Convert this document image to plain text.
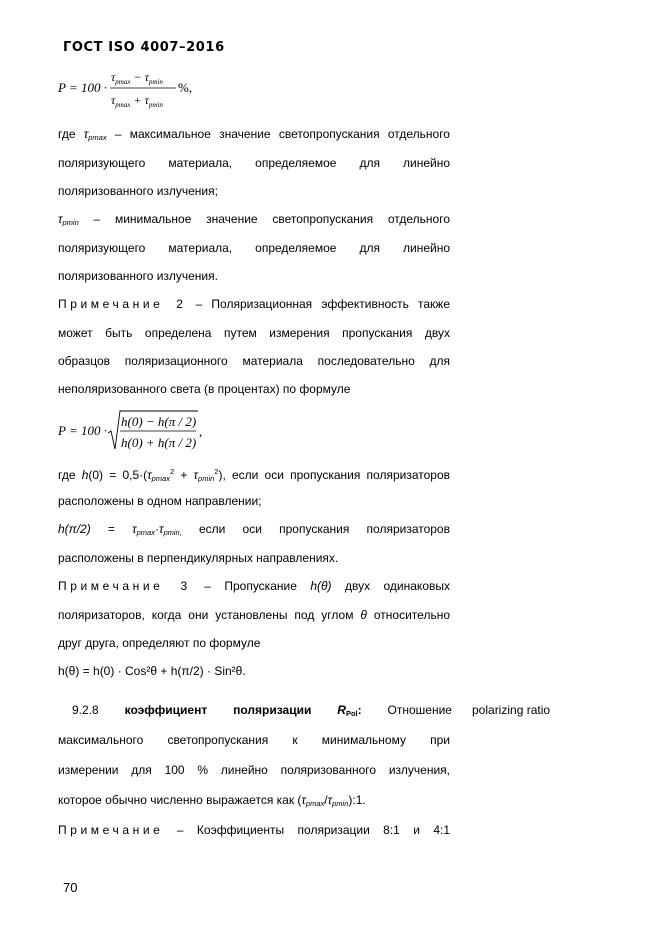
ГОСТ ISO 4007–2016
P = 100 ·
$\tau_{pmax} - \tau_{pmin}$
$\tau_{pmax} + \tau_{pmin}$
%,
где $\tau_{pmax}$ – максимальное значение светопропускания отдельного
поляризующего материала, определяемое для линейно
поляризованного излучения;
$\tau_{pmin}$ – минимальное значение светопропускания отдельного
поляризующего материала, определяемое для линейно
поляризованного излучения.
Примечание 2 – Поляризационная эффективность также
может быть определена путем измерения пропускания двух
образцов поляризационного материала последовательно для
неполяризованного света (в процентах) по формуле
P = 100 ·
h(0) − h(π / 2)
h(0) + h(π / 2)
,
где $h(0) = 0,5\cdot(\tau_{pmax}^2 + \tau_{pmin}^2)$, если оси пропускания поляризаторов
расположены в одном направлении;
$h(\pi/2) = \tau_{pmax}\cdot\tau_{pmin,}$ если оси пропускания поляризаторов
расположены в перпендикулярных направлениях.
Примечание 3 – Пропускание h(θ) двух одинаковых
поляризаторов, когда они установлены под углом θ относительно
друг друга, определяют по формуле
h(θ) = h(0) · Cos²θ + h(π/2) · Sin²θ.
9.2.8 коэффициент поляризации $R_{Pol}$: Отношение polarizing ratio
максимального светопропускания к минимальному при
измерении для 100 % линейно поляризованного излучения,
которое обычно численно выражается как $(\tau_{pmax}/\tau_{pmin}):1$.
Примечание – Коэффициенты поляризации 8:1 и 4:1
70
